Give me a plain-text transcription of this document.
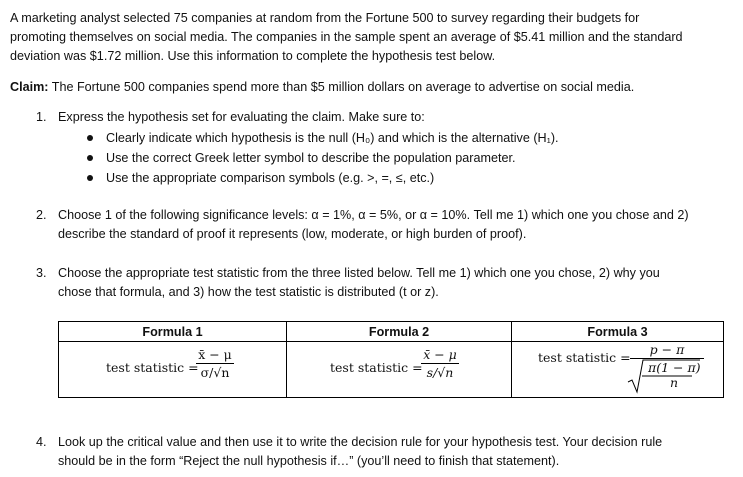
A marketing analyst selected 75 companies at random from the Fortune 500 to survey regarding their budgets for
promoting themselves on social media. The companies in the sample spent an average of $5.41 million and the standard
deviation was $1.72 million. Use this information to complete the hypothesis test below.
Claim: The Fortune 500 companies spend more than $5 million dollars on average to advertise on social media.
1. Express the hypothesis set for evaluating the claim. Make sure to:
Clearly indicate which hypothesis is the null (H₀) and which is the alternative (H₁).
Use the correct Greek letter symbol to describe the population parameter.
Use the appropriate comparison symbols (e.g. >, =, ≤, etc.)
2. Choose 1 of the following significance levels: α = 1%, α = 5%, or α = 10%. Tell me 1) which one you chose and 2)
describe the standard of proof it represents (low, moderate, or high burden of proof).
3. Choose the appropriate test statistic from the three listed below. Tell me 1) which one you chose, 2) why you
chose that formula, and 3) how the test statistic is distributed (t or z).
Formula 1	Formula 2	Formula 3

test statistic =
x̄ − μ
σ/√n	test statistic =
x̄ − μ
s/√n	test statistic =
p − π
π(1 − π)
n
4. Look up the critical value and then use it to write the decision rule for your hypothesis test. Your decision rule
should be in the form “Reject the null hypothesis if…” (you’ll need to finish that statement).
